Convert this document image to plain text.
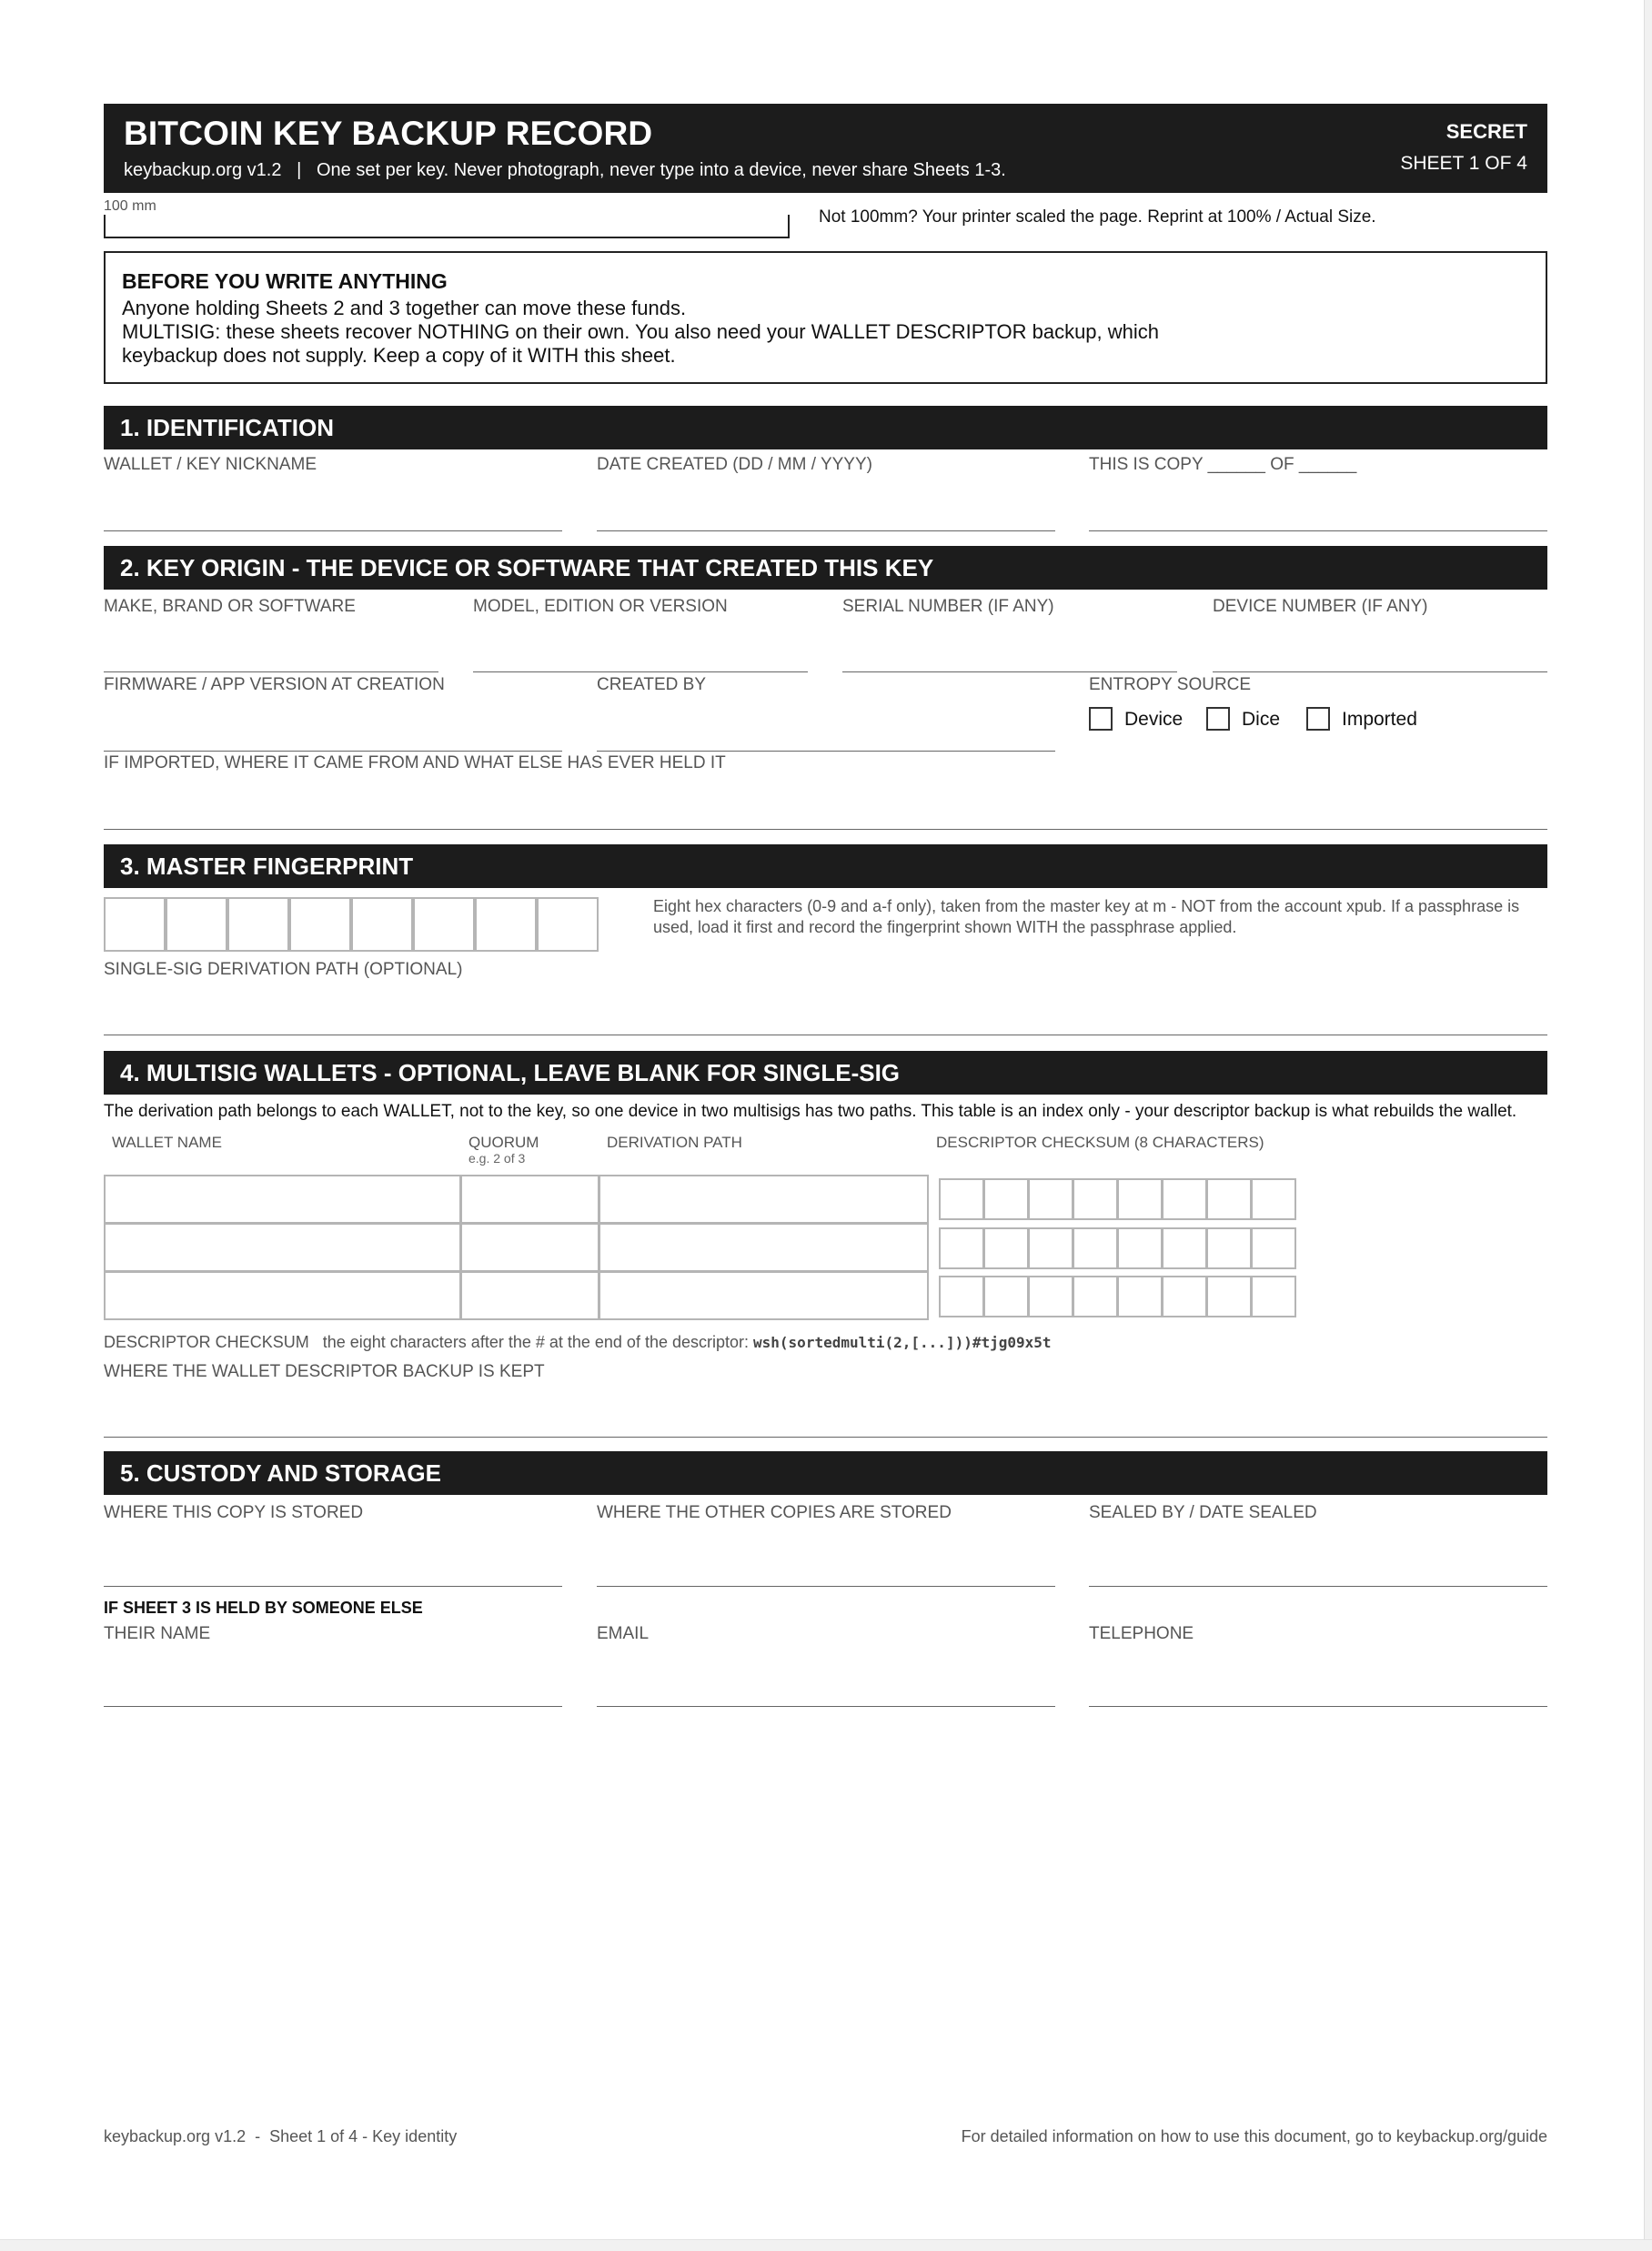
BITCOIN KEY BACKUP RECORD
keybackup.org v1.2   |   One set per key. Never photograph, never type into a device, never share Sheets 1-3.
SECRET
SHEET 1 OF 4
100 mm
Not 100mm? Your printer scaled the page. Reprint at 100% / Actual Size.
BEFORE YOU WRITE ANYTHING
Anyone holding Sheets 2 and 3 together can move these funds.
MULTISIG: these sheets recover NOTHING on their own. You also need your WALLET DESCRIPTOR backup, which
keybackup does not supply. Keep a copy of it WITH this sheet.
1. IDENTIFICATION
WALLET / KEY NICKNAME	DATE CREATED (DD / MM / YYYY)	THIS IS COPY ______ OF ______
2. KEY ORIGIN - THE DEVICE OR SOFTWARE THAT CREATED THIS KEY
MAKE, BRAND OR SOFTWARE	MODEL, EDITION OR VERSION	SERIAL NUMBER (IF ANY)	DEVICE NUMBER (IF ANY)
FIRMWARE / APP VERSION AT CREATION	CREATED BY	ENTROPY SOURCE
Device	Dice	Imported
IF IMPORTED, WHERE IT CAME FROM AND WHAT ELSE HAS EVER HELD IT
3. MASTER FINGERPRINT
Eight hex characters (0-9 and a-f only), taken from the master key at m - NOT from the account xpub. If a passphrase is used, load it first and record the fingerprint shown WITH the passphrase applied.
SINGLE-SIG DERIVATION PATH (OPTIONAL)
4. MULTISIG WALLETS - OPTIONAL, LEAVE BLANK FOR SINGLE-SIG
The derivation path belongs to each WALLET, not to the key, so one device in two multisigs has two paths. This table is an index only - your descriptor backup is what rebuilds the wallet.
WALLET NAME	QUORUM
e.g. 2 of 3
DERIVATION PATH	DESCRIPTOR CHECKSUM (8 CHARACTERS)
DESCRIPTOR CHECKSUM the eight characters after the # at the end of the descriptor: wsh(sortedmulti(2,[...]))#tjg09x5t
WHERE THE WALLET DESCRIPTOR BACKUP IS KEPT
5. CUSTODY AND STORAGE
WHERE THIS COPY IS STORED	WHERE THE OTHER COPIES ARE STORED	SEALED BY / DATE SEALED
IF SHEET 3 IS HELD BY SOMEONE ELSE
THEIR NAME	EMAIL	TELEPHONE
keybackup.org v1.2  -  Sheet 1 of 4 - Key identity	For detailed information on how to use this document, go to keybackup.org/guide
